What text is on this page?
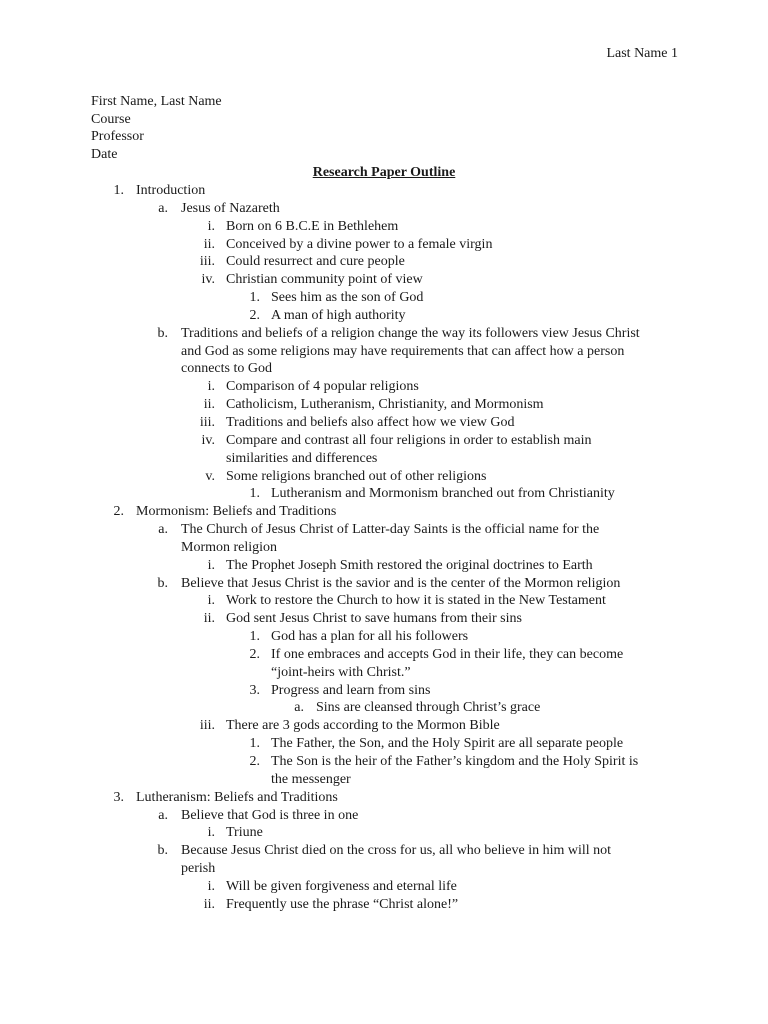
Last Name 1
First Name, Last Name
Course
Professor
Date
Research Paper Outline
1. Introduction
a. Jesus of Nazareth
i. Born on 6 B.C.E in Bethlehem
ii. Conceived by a divine power to a female virgin
iii. Could resurrect and cure people
iv. Christian community point of view
1. Sees him as the son of God
2. A man of high authority
b. Traditions and beliefs of a religion change the way its followers view Jesus Christ
and God as some religions may have requirements that can affect how a person
connects to God
i. Comparison of 4 popular religions
ii. Catholicism, Lutheranism, Christianity, and Mormonism
iii. Traditions and beliefs also affect how we view God
iv. Compare and contrast all four religions in order to establish main
similarities and differences
v. Some religions branched out of other religions
1. Lutheranism and Mormonism branched out from Christianity
2. Mormonism: Beliefs and Traditions
a. The Church of Jesus Christ of Latter-day Saints is the official name for the
Mormon religion
i. The Prophet Joseph Smith restored the original doctrines to Earth
b. Believe that Jesus Christ is the savior and is the center of the Mormon religion
i. Work to restore the Church to how it is stated in the New Testament
ii. God sent Jesus Christ to save humans from their sins
1. God has a plan for all his followers
2. If one embraces and accepts God in their life, they can become
“joint-heirs with Christ.”
3. Progress and learn from sins
a. Sins are cleansed through Christ’s grace
iii. There are 3 gods according to the Mormon Bible
1. The Father, the Son, and the Holy Spirit are all separate people
2. The Son is the heir of the Father’s kingdom and the Holy Spirit is
the messenger
3. Lutheranism: Beliefs and Traditions
a. Believe that God is three in one
i. Triune
b. Because Jesus Christ died on the cross for us, all who believe in him will not
perish
i. Will be given forgiveness and eternal life
ii. Frequently use the phrase “Christ alone!”
